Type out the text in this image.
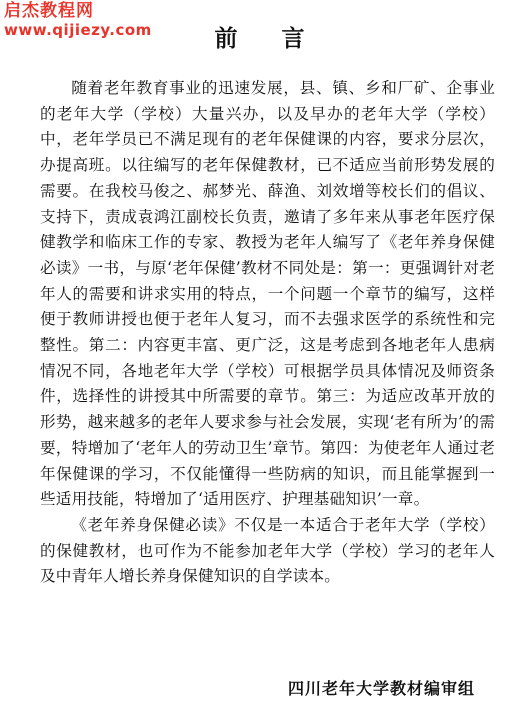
启杰教程网
www.qijiezy.com	前 言

随着老年教育事业的迅速发展，县、镇、乡和厂矿、企事业的老年大学（学校）大量兴办，以及早办的老年大学（学校）中，老年学员已不满足现有的老年保健课的内容，要求分层次，办提高班。以往编写的老年保健教材，已不适应当前形势发展的需要。在我校马俊之、郝梦光、薛渔、刘效增等校长们的倡议、支持下，责成袁鸿江副校长负责，邀请了多年来从事老年医疗保健教学和临床工作的专家、教授为老年人编写了《老年养身保健必读》一书，与原‘老年保健’教材不同处是：第一：更强调针对老年人的需要和讲求实用的特点，一个问题一个章节的编写，这样便于教师讲授也便于老年人复习，而不去强求医学的系统性和完整性。第二：内容更丰富、更广泛，这是考虑到各地老年人患病情况不同，各地老年大学（学校）可根据学员具体情况及师资条件，选择性的讲授其中所需要的章节。第三：为适应改革开放的形势，越来越多的老年人要求参与社会发展，实现‘老有所为’的需要，特增加了‘老年人的劳动卫生’章节。第四：为使老年人通过老年保健课的学习，不仅能懂得一些防病的知识，而且能掌握到一些适用技能，特增加了‘适用医疗、护理基础知识’一章。

《老年养身保健必读》不仅是一本适合于老年大学（学校）的保健教材，也可作为不能参加老年大学（学校）学习的老年人及中青年人增长养身保健知识的自学读本。

四川老年大学教材编审组
